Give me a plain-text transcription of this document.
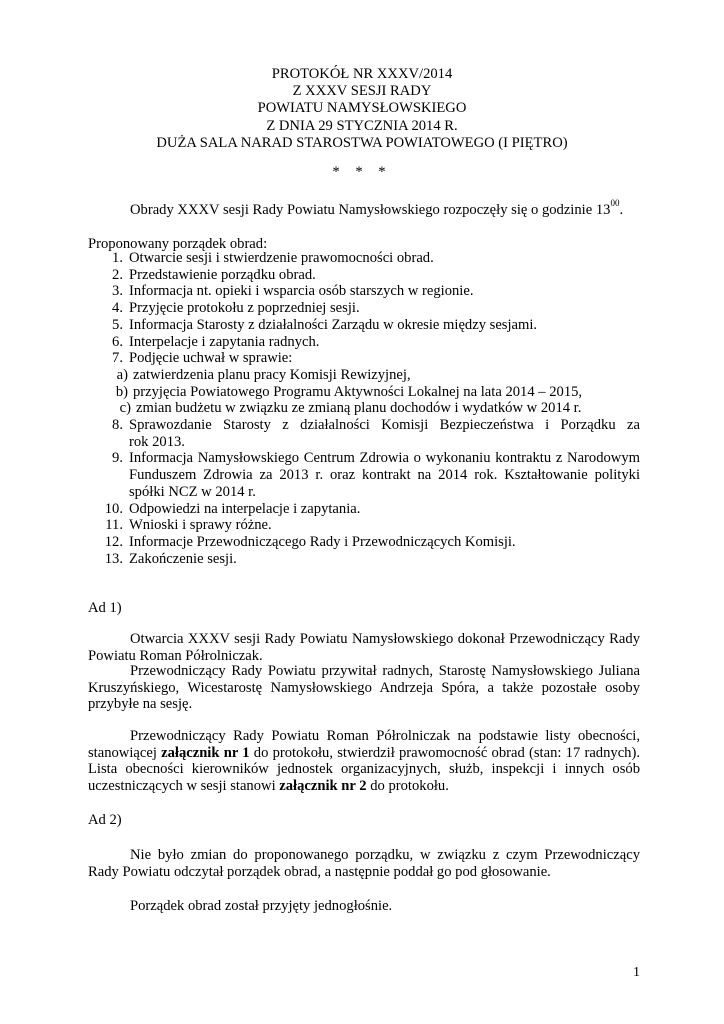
PROTOKÓŁ NR XXXV/2014
Z XXXV SESJI RADY
POWIATU NAMYSŁOWSKIEGO
Z DNIA 29 STYCZNIA 2014 R.
DUŻA SALA NARAD STAROSTWA POWIATOWEGO (I PIĘTRO)
* * *
Obrady XXXV sesji Rady Powiatu Namysłowskiego rozpoczęły się o godzinie $13^{00}$.
Proponowany porządek obrad:
1. Otwarcie sesji i stwierdzenie prawomocności obrad.
2. Przedstawienie porządku obrad.
3. Informacja nt. opieki i wsparcia osób starszych w regionie.
4. Przyjęcie protokołu z poprzedniej sesji.
5. Informacja Starosty z działalności Zarządu w okresie między sesjami.
6. Interpelacje i zapytania radnych.
7. Podjęcie uchwał w sprawie:
a) zatwierdzenia planu pracy Komisji Rewizyjnej,
b) przyjęcia Powiatowego Programu Aktywności Lokalnej na lata 2014 – 2015,
c) zmian budżetu w związku ze zmianą planu dochodów i wydatków w 2014 r.
8. Sprawozdanie Starosty z działalności Komisji Bezpieczeństwa i Porządku za
rok 2013.
9. Informacja Namysłowskiego Centrum Zdrowia o wykonaniu kontraktu z Narodowym
Funduszem Zdrowia za 2013 r. oraz kontrakt na 2014 rok. Kształtowanie polityki
spółki NCZ w 2014 r.
10. Odpowiedzi na interpelacje i zapytania.
11. Wnioski i sprawy różne.
12. Informacje Przewodniczącego Rady i Przewodniczących Komisji.
13. Zakończenie sesji.
Ad 1)
Otwarcia XXXV sesji Rady Powiatu Namysłowskiego dokonał Przewodniczący Rady Powiatu Roman Półrolniczak.
Przewodniczący Rady Powiatu przywitał radnych, Starostę Namysłowskiego Juliana Kruszyńskiego, Wicestarostę Namysłowskiego Andrzeja Spóra, a także pozostałe osoby przybyłe na sesję.
Przewodniczący Rady Powiatu Roman Półrolniczak na podstawie listy obecności, stanowiącej załącznik nr 1 do protokołu, stwierdził prawomocność obrad (stan: 17 radnych). Lista obecności kierowników jednostek organizacyjnych, służb, inspekcji i innych osób uczestniczących w sesji stanowi załącznik nr 2 do protokołu.
Ad 2)
Nie było zmian do proponowanego porządku, w związku z czym Przewodniczący Rady Powiatu odczytał porządek obrad, a następnie poddał go pod głosowanie.
Porządek obrad został przyjęty jednogłośnie.
1
